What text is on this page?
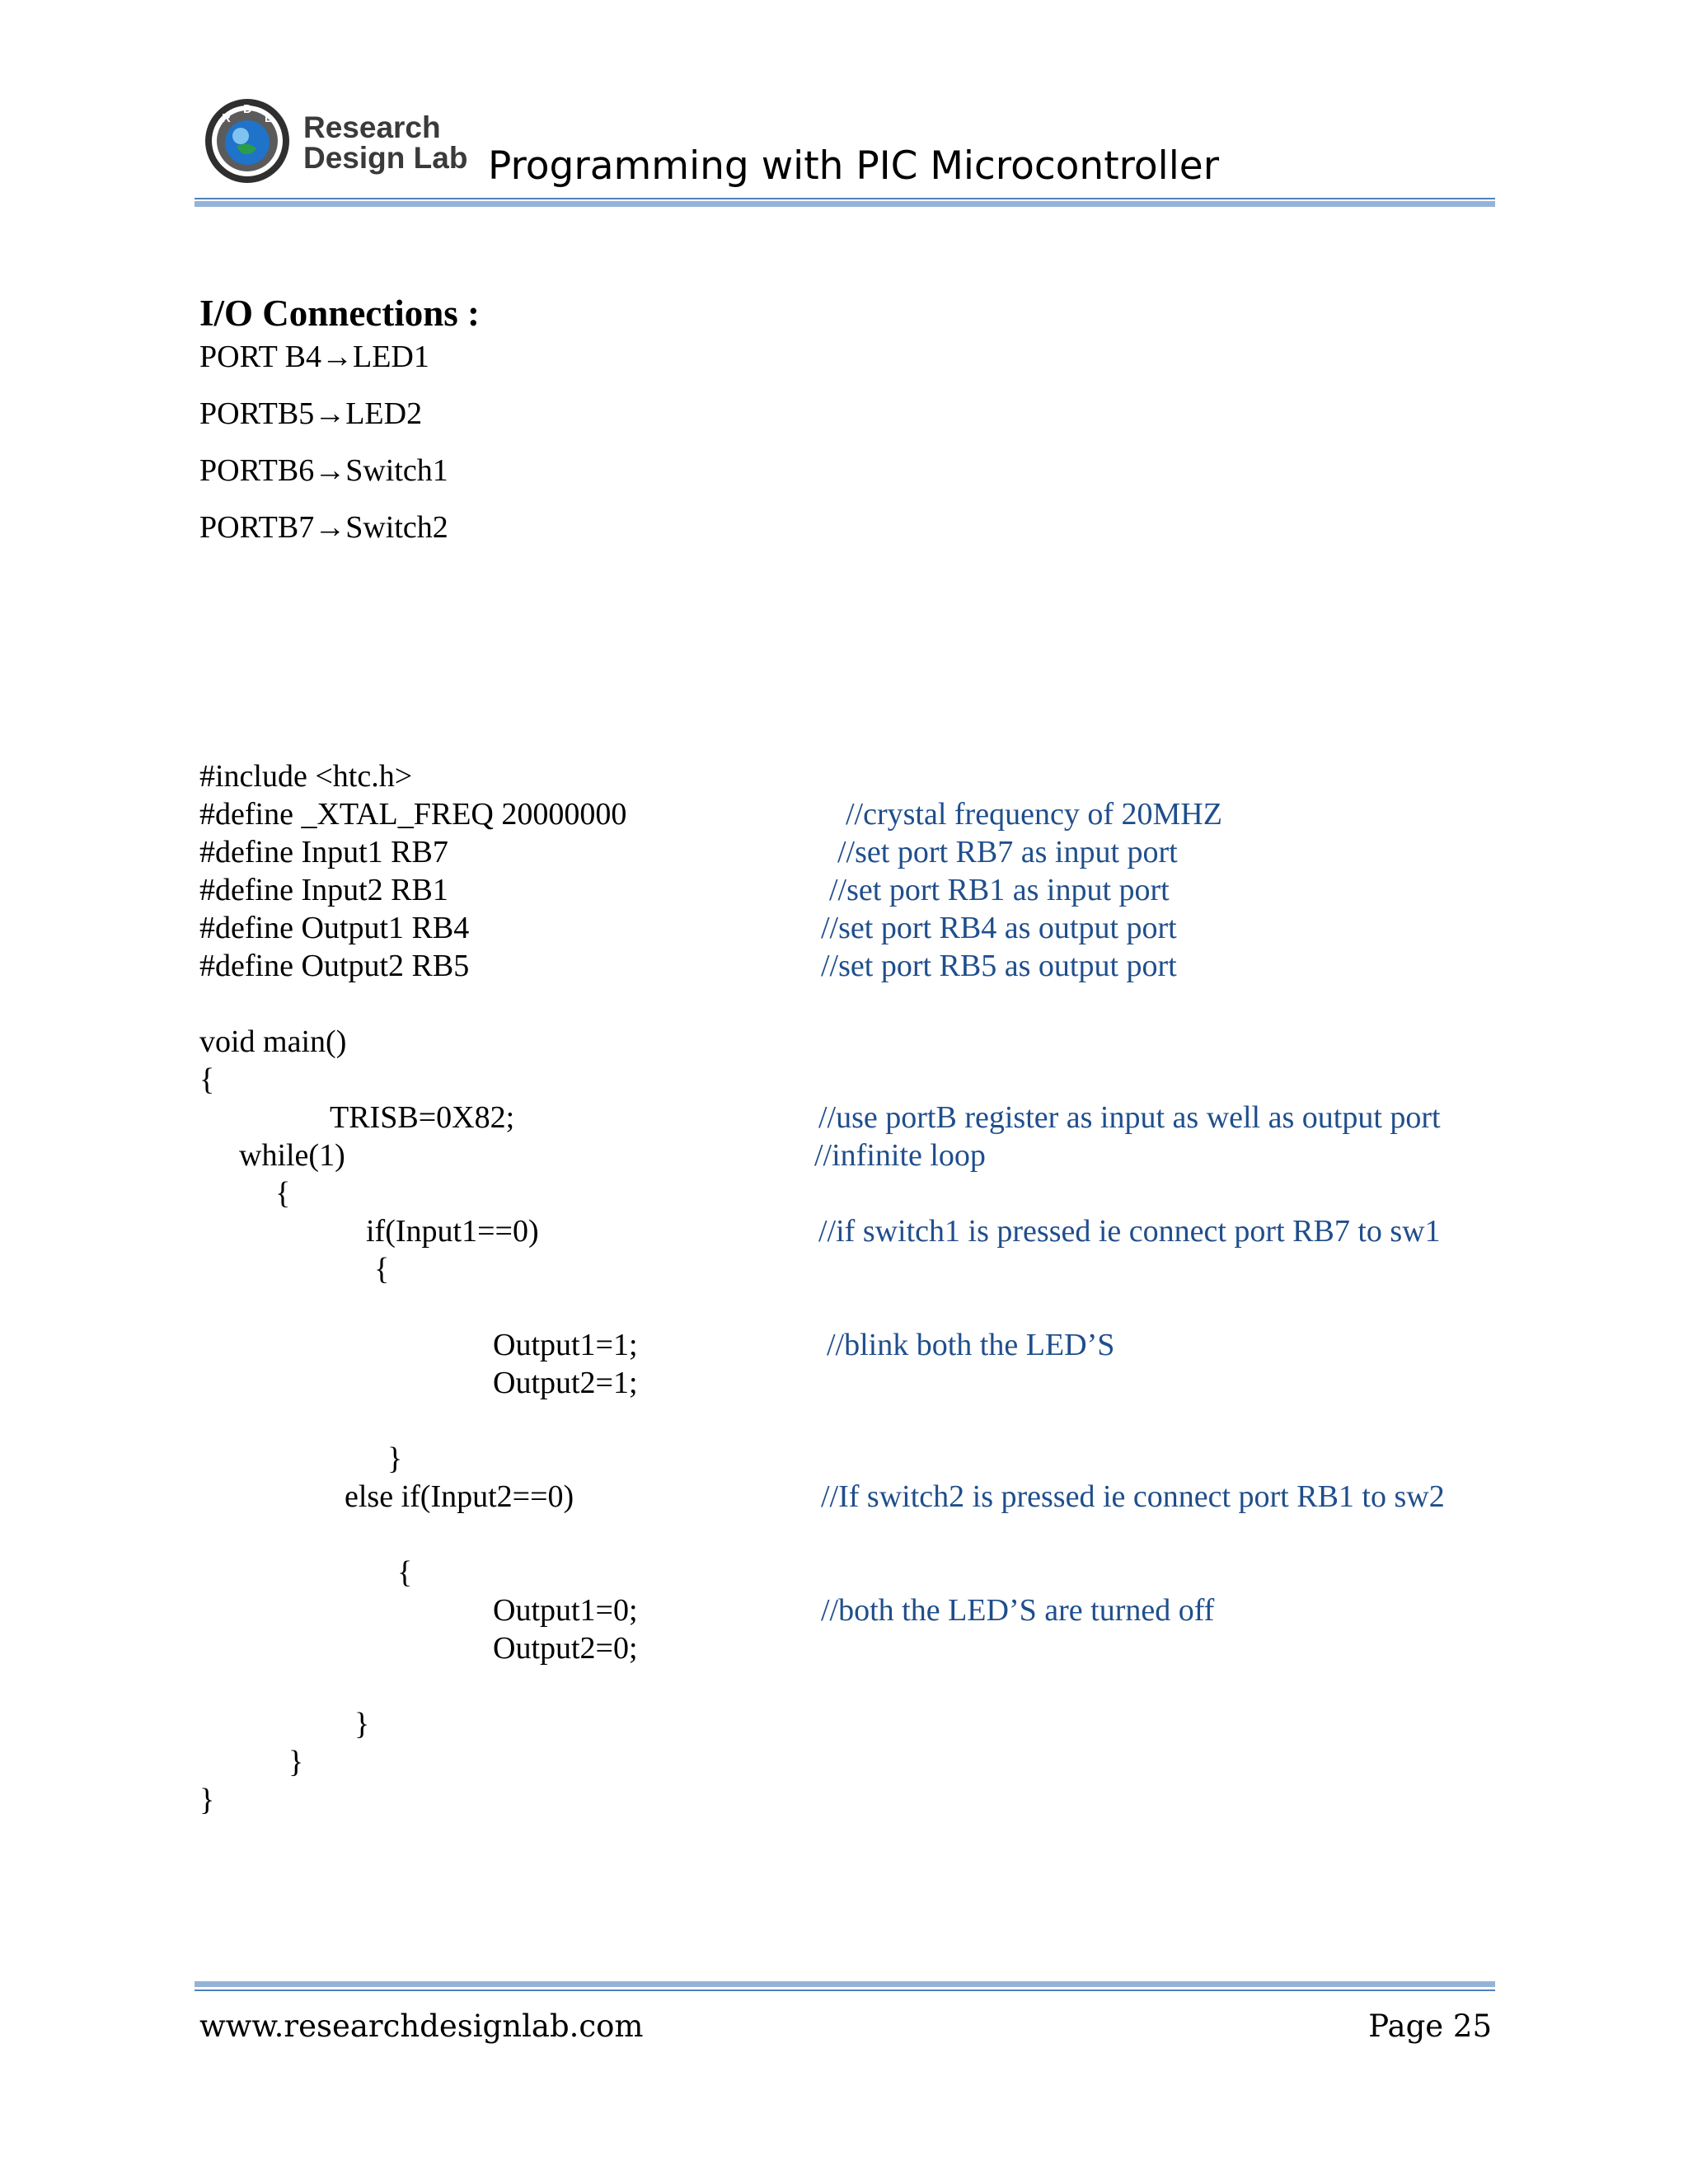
R
D
L Research
Design Lab Programming with PIC Microcontroller
I/O Connections :
PORT B4→LED1
PORTB5→LED2
PORTB6→Switch1
PORTB7→Switch2
#include <htc.h>
#define _XTAL_FREQ 20000000	//crystal frequency of 20MHZ
#define Input1 RB7	//set port RB7 as input port
#define Input2 RB1	//set port RB1 as input port
#define Output1 RB4	//set port RB4 as output port
#define Output2 RB5	//set port RB5 as output port
void main()
{
TRISB=0X82;	//use portB register as input as well as output port
while(1)	//infinite loop
{
if(Input1==0)	//if switch1 is pressed ie connect port RB7 to sw1
{
Output1=1;	//blink both the LED’S
Output2=1;
}
else if(Input2==0)	//If switch2 is pressed ie connect port RB1 to sw2
{
Output1=0;	//both the LED’S are turned off
Output2=0;
}
}
}
www.researchdesignlab.com	Page 25
